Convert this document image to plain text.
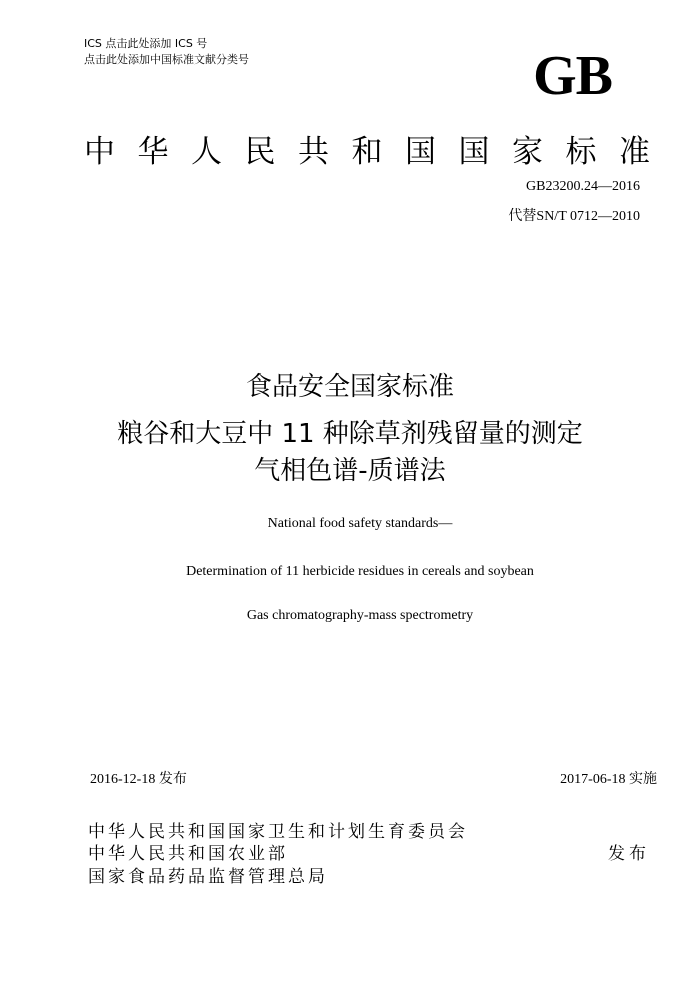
ICS 点击此处添加 ICS 号
点击此处添加中国标准文献分类号	GB
中 华 人 民 共 和 国 国 家 标 准
GB23200.24—2016
代替SN/T 0712—2010
食品安全国家标准
粮谷和大豆中 11 种除草剂残留量的测定
气相色谱-质谱法
National food safety standards—
Determination of 11 herbicide residues in cereals and soybean
Gas chromatography-mass spectrometry
2016-12-18 发布	2017-06-18 实施
中华人民共和国国家卫生和计划生育委员会
中华人民共和国农业部
国家食品药品监督管理总局
发布
